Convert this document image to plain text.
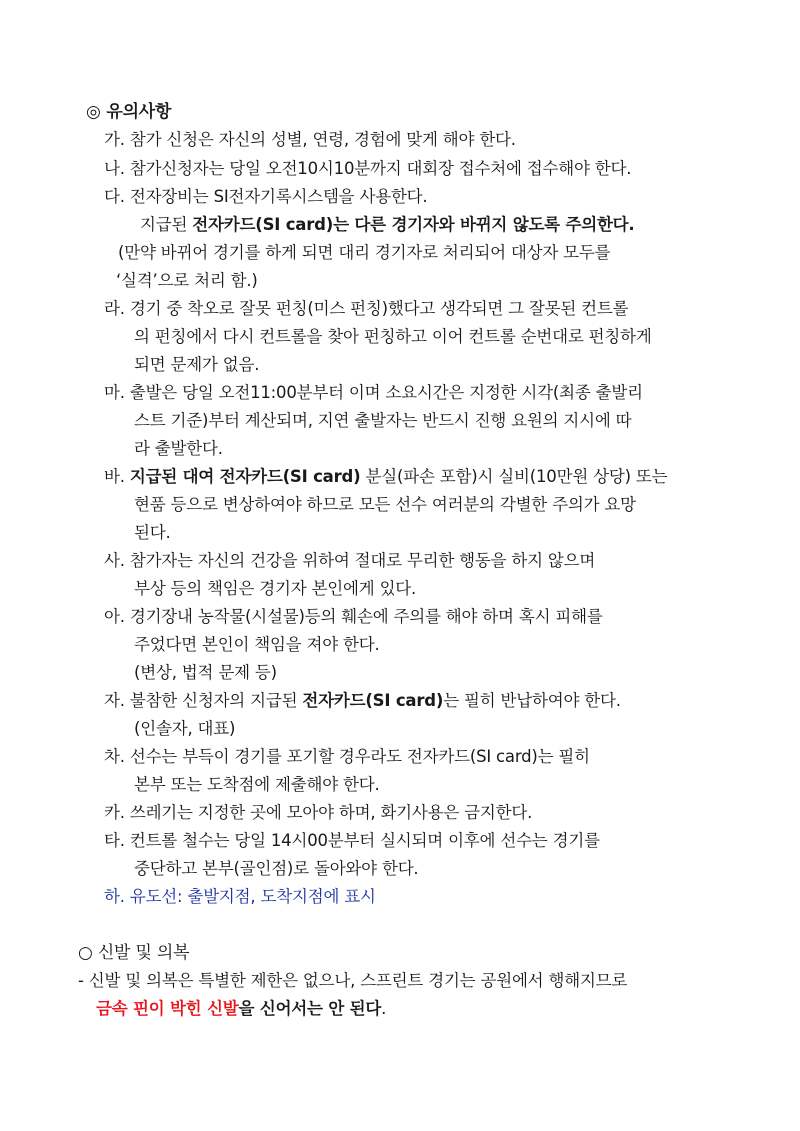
◎ 유의사항
가. 참가 신청은 자신의 성별, 연령, 경험에 맞게 해야 한다.
나. 참가신청자는 당일 오전10시10분까지 대회장 접수처에 접수해야 한다.
다. 전자장비는 SI전자기록시스템을 사용한다.
지급된 전자카드(SI card)는 다른 경기자와 바뀌지 않도록 주의한다.
(만약 바뀌어 경기를 하게 되면 대리 경기자로 처리되어 대상자 모두를
‘실격’으로 처리 함.)
라. 경기 중 착오로 잘못 펀칭(미스 펀칭)했다고 생각되면 그 잘못된 컨트롤
의 펀칭에서 다시 컨트롤을 찾아 펀칭하고 이어 컨트롤 순번대로 펀칭하게
되면 문제가 없음.
마. 출발은 당일 오전11:00분부터 이며 소요시간은 지정한 시각(최종 출발리
스트 기준)부터 계산되며, 지연 출발자는 반드시 진행 요원의 지시에 따
라 출발한다.
바. 지급된 대여 전자카드(SI card) 분실(파손 포함)시 실비(10만원 상당) 또는
현품 등으로 변상하여야 하므로 모든 선수 여러분의 각별한 주의가 요망
된다.
사. 참가자는 자신의 건강을 위하여 절대로 무리한 행동을 하지 않으며
부상 등의 책임은 경기자 본인에게 있다.
아. 경기장내 농작물(시설물)등의 훼손에 주의를 해야 하며 혹시 피해를
주었다면 본인이 책임을 져야 한다.
(변상, 법적 문제 등)
자. 불참한 신청자의 지급된 전자카드(SI card)는 필히 반납하여야 한다.
(인솔자, 대표)
차. 선수는 부득이 경기를 포기할 경우라도 전자카드(SI card)는 필히
본부 또는 도착점에 제출해야 한다.
카. 쓰레기는 지정한 곳에 모아야 하며, 화기사용은 금지한다.
타. 컨트롤 철수는 당일 14시00분부터 실시되며 이후에 선수는 경기를
중단하고 본부(골인점)로 돌아와야 한다.
하. 유도선: 출발지점, 도착지점에 표시
○ 신발 및 의복
- 신발 및 의복은 특별한 제한은 없으나, 스프린트 경기는 공원에서 행해지므로
금속 핀이 박힌 신발을 신어서는 안 된다.
